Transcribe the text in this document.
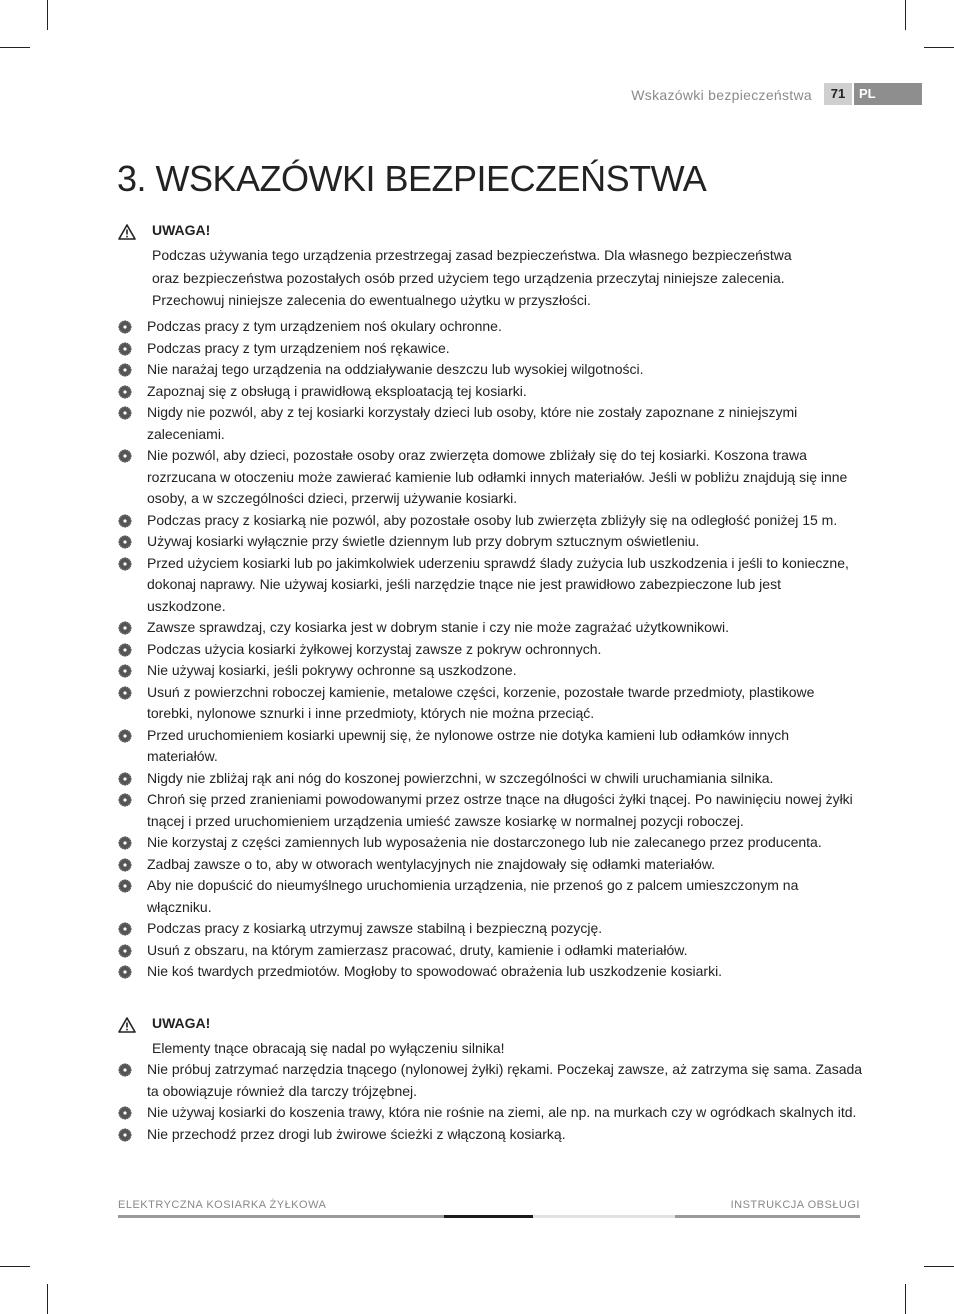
Wskazówki bezpieczeństwa	71	PL
3. WSKAZÓWKI BEZPIECZEŃSTWA
UWAGA!
Podczas używania tego urządzenia przestrzegaj zasad bezpieczeństwa. Dla własnego bezpieczeństwa
oraz bezpieczeństwa pozostałych osób przed użyciem tego urządzenia przeczytaj niniejsze zalecenia.
Przechowuj niniejsze zalecenia do ewentualnego użytku w przyszłości.
Podczas pracy z tym urządzeniem noś okulary ochronne.
Podczas pracy z tym urządzeniem noś rękawice.
Nie narażaj tego urządzenia na oddziaływanie deszczu lub wysokiej wilgotności.
Zapoznaj się z obsługą i prawidłową eksploatacją tej kosiarki.
Nigdy nie pozwól, aby z tej kosiarki korzystały dzieci lub osoby, które nie zostały zapoznane z niniejszymi zaleceniami.
Nie pozwól, aby dzieci, pozostałe osoby oraz zwierzęta domowe zbliżały się do tej kosiarki. Koszona trawa rozrzucana w otoczeniu może zawierać kamienie lub odłamki innych materiałów. Jeśli w pobliżu znajdują się inne osoby, a w szczególności dzieci, przerwij używanie kosiarki.
Podczas pracy z kosiarką nie pozwól, aby pozostałe osoby lub zwierzęta zbliżyły się na odległość poniżej 15 m.
Używaj kosiarki wyłącznie przy świetle dziennym lub przy dobrym sztucznym oświetleniu.
Przed użyciem kosiarki lub po jakimkolwiek uderzeniu sprawdź ślady zużycia lub uszkodzenia i jeśli to konieczne, dokonaj naprawy. Nie używaj kosiarki, jeśli narzędzie tnące nie jest prawidłowo zabezpieczone lub jest uszkodzone.
Zawsze sprawdzaj, czy kosiarka jest w dobrym stanie i czy nie może zagrażać użytkownikowi.
Podczas użycia kosiarki żyłkowej korzystaj zawsze z pokryw ochronnych.
Nie używaj kosiarki, jeśli pokrywy ochronne są uszkodzone.
Usuń z powierzchni roboczej kamienie, metalowe części, korzenie, pozostałe twarde przedmioty, plastikowe torebki, nylonowe sznurki i inne przedmioty, których nie można przeciąć.
Przed uruchomieniem kosiarki upewnij się, że nylonowe ostrze nie dotyka kamieni lub odłamków innych materiałów.
Nigdy nie zbliżaj rąk ani nóg do koszonej powierzchni, w szczególności w chwili uruchamiania silnika.
Chroń się przed zranieniami powodowanymi przez ostrze tnące na długości żyłki tnącej. Po nawinięciu nowej żyłki tnącej i przed uruchomieniem urządzenia umieść zawsze kosiarkę w normalnej pozycji roboczej.
Nie korzystaj z części zamiennych lub wyposażenia nie dostarczonego lub nie zalecanego przez producenta.
Zadbaj zawsze o to, aby w otworach wentylacyjnych nie znajdowały się odłamki materiałów.
Aby nie dopuścić do nieumyślnego uruchomienia urządzenia, nie przenoś go z palcem umieszczonym na włączniku.
Podczas pracy z kosiarką utrzymuj zawsze stabilną i bezpieczną pozycję.
Usuń z obszaru, na którym zamierzasz pracować, druty, kamienie i odłamki materiałów.
Nie koś twardych przedmiotów. Mogłoby to spowodować obrażenia lub uszkodzenie kosiarki.
UWAGA!
Elementy tnące obracają się nadal po wyłączeniu silnika!
Nie próbuj zatrzymać narzędzia tnącego (nylonowej żyłki) rękami. Poczekaj zawsze, aż zatrzyma się sama. Zasada ta obowiązuje również dla tarczy trójzębnej.
Nie używaj kosiarki do koszenia trawy, która nie rośnie na ziemi, ale np. na murkach czy w ogródkach skalnych itd.
Nie przechodź przez drogi lub żwirowe ścieżki z włączoną kosiarką.
ELEKTRYCZNA KOSIARKA ŻYŁKOWA	INSTRUKCJA OBSŁUGI
